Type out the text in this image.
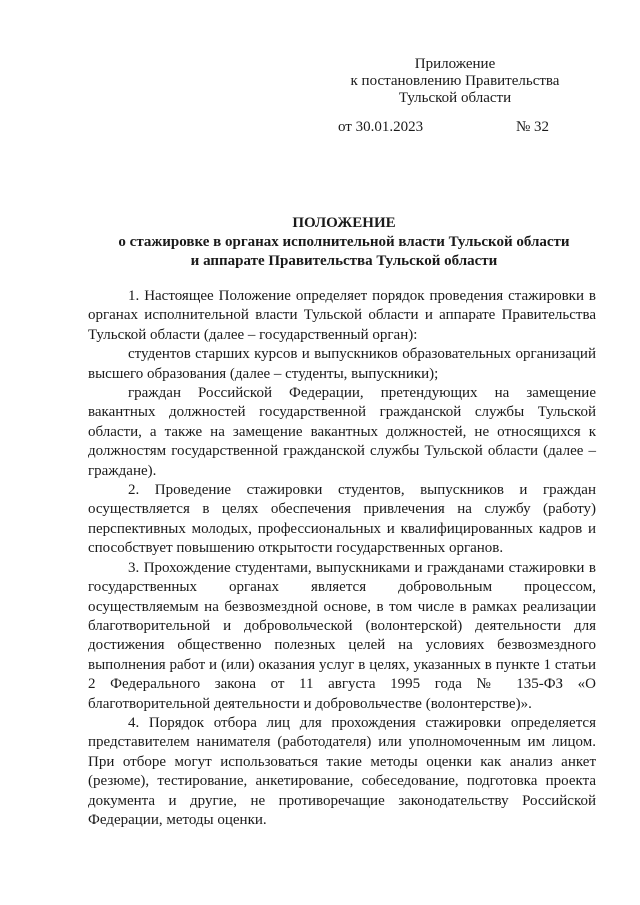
Приложение
к постановлению Правительства
Тульской области
от 30.01.2023	№ 32
ПОЛОЖЕНИЕ
о стажировке в органах исполнительной власти Тульской области
и аппарате Правительства Тульской области

1. Настоящее Положение определяет порядок проведения стажировки в органах исполнительной власти Тульской области и аппарате Правительства Тульской области (далее – государственный орган):

студентов старших курсов и выпускников образовательных организаций высшего образования (далее – студенты, выпускники);

граждан Российской Федерации, претендующих на замещение вакантных должностей государственной гражданской службы Тульской области, а также на замещение вакантных должностей, не относящихся к должностям государственной гражданской службы Тульской области (далее – граждане).

2. Проведение стажировки студентов, выпускников и граждан осуществляется в целях обеспечения привлечения на службу (работу) перспективных молодых, профессиональных и квалифицированных кадров и способствует повышению открытости государственных органов.

3. Прохождение студентами, выпускниками и гражданами стажировки в государственных органах является добровольным процессом, осуществляемым на безвозмездной основе, в том числе в рамках реализации благотворительной и добровольческой (волонтерской) деятельности для достижения общественно полезных целей на условиях безвозмездного выполнения работ и (или) оказания услуг в целях, указанных в пункте 1 статьи 2 Федерального закона от 11 августа 1995 года № 135-ФЗ «О благотворительной деятельности и добровольчестве (волонтерстве)».

4. Порядок отбора лиц для прохождения стажировки определяется представителем нанимателя (работодателя) или уполномоченным им лицом. При отборе могут использоваться такие методы оценки как анализ анкет (резюме), тестирование, анкетирование, собеседование, подготовка проекта документа и другие, не противоречащие законодательству Российской Федерации, методы оценки.
